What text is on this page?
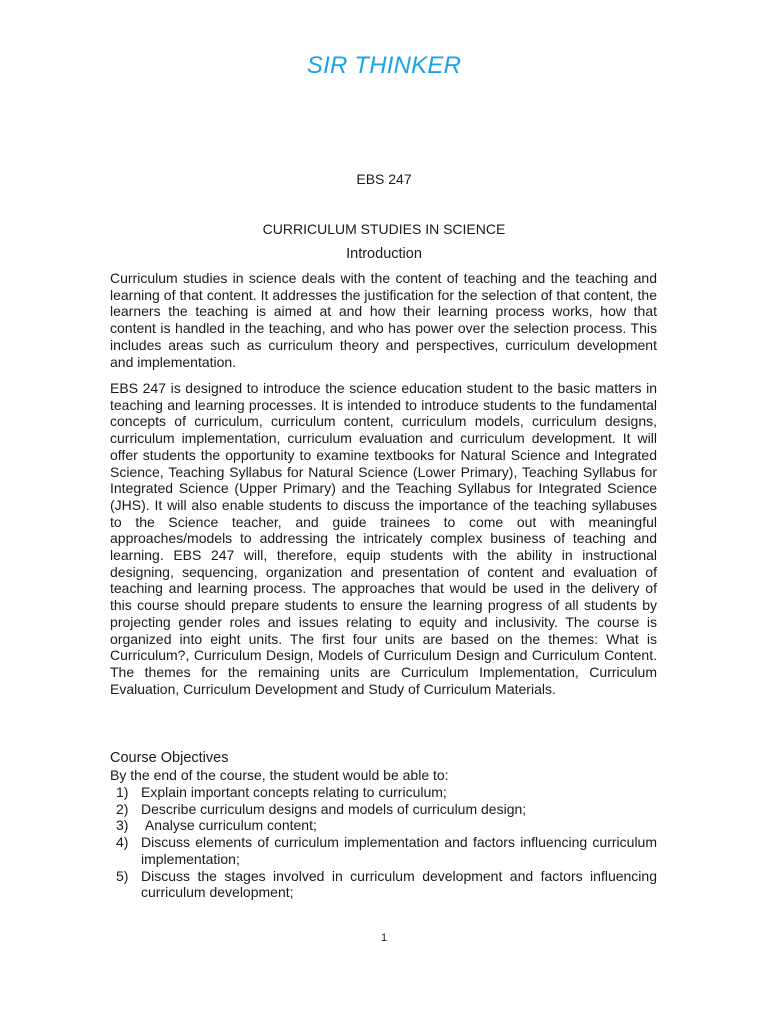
SIR THINKER
EBS 247
CURRICULUM STUDIES IN SCIENCE
Introduction

Curriculum studies in science deals with the content of teaching and the teaching and learning of that content. It addresses the justification for the selection of that content, the learners the teaching is aimed at and how their learning process works, how that content is handled in the teaching, and who has power over the selection process. This includes areas such as curriculum theory and perspectives, curriculum development and implementation.

EBS 247 is designed to introduce the science education student to the basic matters in teaching and learning processes. It is intended to introduce students to the fundamental concepts of curriculum, curriculum content, curriculum models, curriculum designs, curriculum implementation, curriculum evaluation and curriculum development. It will offer students the opportunity to examine textbooks for Natural Science and Integrated Science, Teaching Syllabus for Natural Science (Lower Primary), Teaching Syllabus for Integrated Science (Upper Primary) and the Teaching Syllabus for Integrated Science (JHS). It will also enable students to discuss the importance of the teaching syllabuses to the Science teacher, and guide trainees to come out with meaningful approaches/models to addressing the intricately complex business of teaching and learning. EBS 247 will, therefore, equip students with the ability in instructional designing, sequencing, organization and presentation of content and evaluation of teaching and learning process. The approaches that would be used in the delivery of this course should prepare students to ensure the learning progress of all students by projecting gender roles and issues relating to equity and inclusivity. The course is organized into eight units. The first four units are based on the themes: What is Curriculum?, Curriculum Design, Models of Curriculum Design and Curriculum Content. The themes for the remaining units are Curriculum Implementation, Curriculum Evaluation, Curriculum Development and Study of Curriculum Materials.

Course Objectives
By the end of the course, the student would be able to:
1) Explain important concepts relating to curriculum;
2) Describe curriculum designs and models of curriculum design;
3) Analyse curriculum content;
4) Discuss elements of curriculum implementation and factors influencing curriculum implementation;
5) Discuss the stages involved in curriculum development and factors influencing curriculum development;
1
